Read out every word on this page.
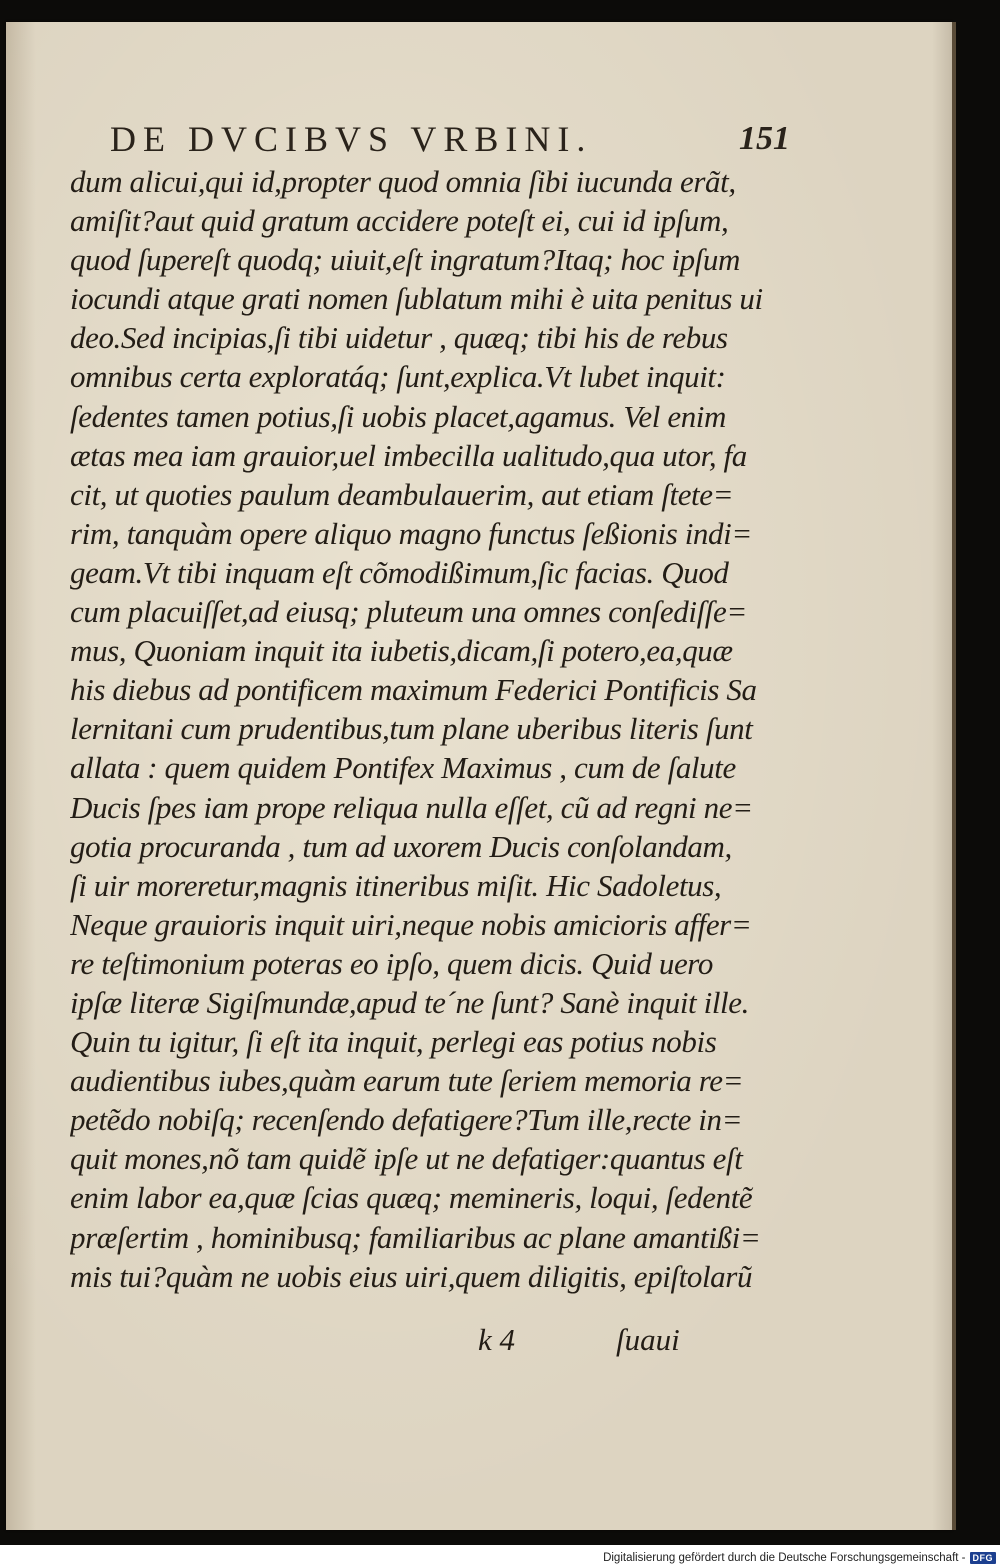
DE DVCIBVS VRBINI.	151
dum alicui,qui id,propter quod omnia ſibi iucunda erãt,
amiſit?aut quid gratum accidere poteſt ei, cui id ipſum,
quod ſupereſt quodq; uiuit,eſt ingratum?Itaq; hoc ipſum
iocundi atque grati nomen ſublatum mihi è uita penitus ui
deo.Sed incipias,ſi tibi uidetur , quæq; tibi his de rebus
omnibus certa exploratáq; ſunt,explica.Vt lubet inquit:
ſedentes tamen potius,ſi uobis placet,agamus. Vel enim
ætas mea iam grauior,uel imbecilla ualitudo,qua utor, fa
cit, ut quoties paulum deambulauerim, aut etiam ſtete=
rim, tanquàm opere aliquo magno functus ſeßionis indi=
geam.Vt tibi inquam eſt cõmodißimum,ſic facias. Quod
cum placuiſſet,ad eiusq; pluteum una omnes conſediſſe=
mus, Quoniam inquit ita iubetis,dicam,ſi potero,ea,quæ
his diebus ad pontificem maximum Federici Pontificis Sa
lernitani cum prudentibus,tum plane uberibus literis ſunt
allata : quem quidem Pontifex Maximus , cum de ſalute
Ducis ſpes iam prope reliqua nulla eſſet, cũ ad regni ne=
gotia procuranda , tum ad uxorem Ducis conſolandam,
ſi uir moreretur,magnis itineribus miſit. Hic Sadoletus,
Neque grauioris inquit uiri,neque nobis amicioris affer=
re teſtimonium poteras eo ipſo, quem dicis. Quid uero
ipſæ literæ Sigiſmundæ,apud te´ne ſunt? Sanè inquit ille.
Quin tu igitur, ſi eſt ita inquit, perlegi eas potius nobis
audientibus iubes,quàm earum tute ſeriem memoria re=
petẽdo nobiſq; recenſendo defatigere?Tum ille,recte in=
quit mones,nõ tam quidẽ ipſe ut ne defatiger:quantus eſt
enim labor ea,quæ ſcias quæq; memineris, loqui, ſedentẽ
præſertim , hominibusq; familiaribus ac plane amantißi=
mis tui?quàm ne uobis eius uiri,quem diligitis, epiſtolarũ
k 4	ſuaui
Digitalisierung gefördert durch die Deutsche Forschungsgemeinschaft - DFG
